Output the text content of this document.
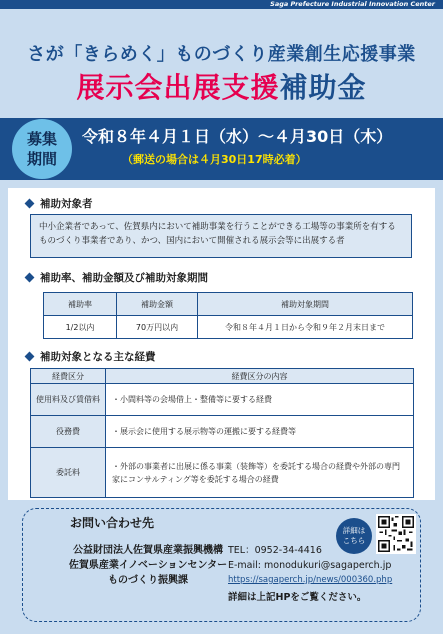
Saga Prefecture Industrial Innovation Center
さが「きらめく」ものづくり産業創生応援事業
展示会出展支援補助金
募集
期間
令和８年４月１日（水）～４月30日（木）
（郵送の場合は４月30日17時必着）
補助対象者
中小企業者であって、佐賀県内において補助事業を行うことができる工場等の事業所を有するものづくり事業者であり、かつ、国内において開催される展示会等に出展する者
補助率、補助金額及び補助対象期間
補助率	補助金額	補助対象期間
1/2以内	70万円以内	令和８年４月１日から令和９年２月末日まで
補助対象となる主な経費
経費区分	経費区分の内容
使用料及び賃借料	・小間料等の会場借上・整備等に要する経費
役務費	・展示会に使用する展示物等の運搬に要する経費等
委託料	・外部の事業者に出展に係る事業（装飾等）を委託する場合の経費や外部の専門家にコンサルティング等を委託する場合の経費
お問い合わせ先
公益財団法人佐賀県産業振興機構
佐賀県産業イノベーションセンター
ものづくり振興課
TEL：0952-34-4416
E-mail: monodukuri@sagaperch.jp
https://sagaperch.jp/news/000360.php
詳細は上記HPをご覧ください。
詳細は
こちら
